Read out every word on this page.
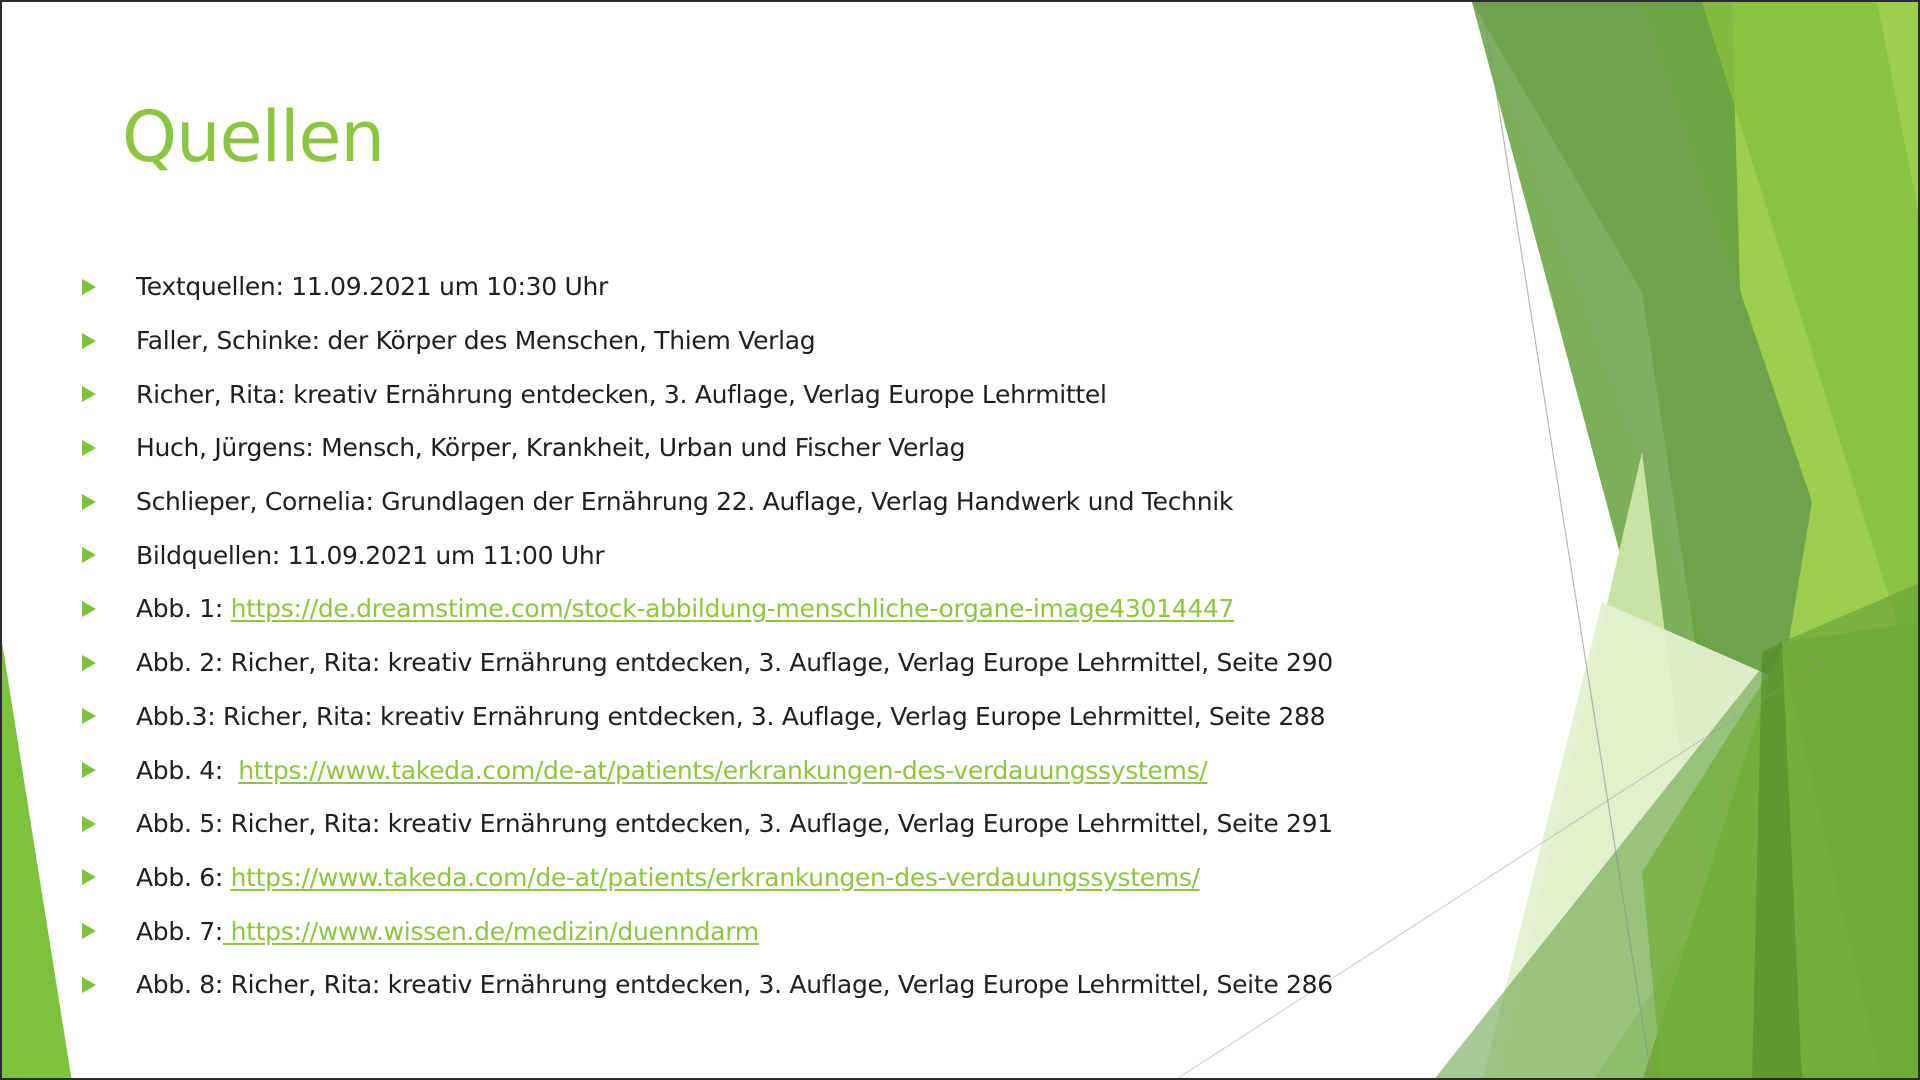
Quellen
Textquellen: 11.09.2021 um 10:30 Uhr
Faller, Schinke: der Körper des Menschen, Thiem Verlag
Richer, Rita: kreativ Ernährung entdecken, 3. Auflage, Verlag Europe Lehrmittel
Huch, Jürgens: Mensch, Körper, Krankheit, Urban und Fischer Verlag
Schlieper, Cornelia: Grundlagen der Ernährung 22. Auflage, Verlag Handwerk und Technik
Bildquellen: 11.09.2021 um 11:00 Uhr
Abb. 1: https://de.dreamstime.com/stock-abbildung-menschliche-organe-image43014447
Abb. 2: Richer, Rita: kreativ Ernährung entdecken, 3. Auflage, Verlag Europe Lehrmittel, Seite 290
Abb.3: Richer, Rita: kreativ Ernährung entdecken, 3. Auflage, Verlag Europe Lehrmittel, Seite 288
Abb. 4:  https://www.takeda.com/de-at/patients/erkrankungen-des-verdauungssystems/
Abb. 5: Richer, Rita: kreativ Ernährung entdecken, 3. Auflage, Verlag Europe Lehrmittel, Seite 291
Abb. 6: https://www.takeda.com/de-at/patients/erkrankungen-des-verdauungssystems/
Abb. 7: https://www.wissen.de/medizin/duenndarm
Abb. 8: Richer, Rita: kreativ Ernährung entdecken, 3. Auflage, Verlag Europe Lehrmittel, Seite 286
